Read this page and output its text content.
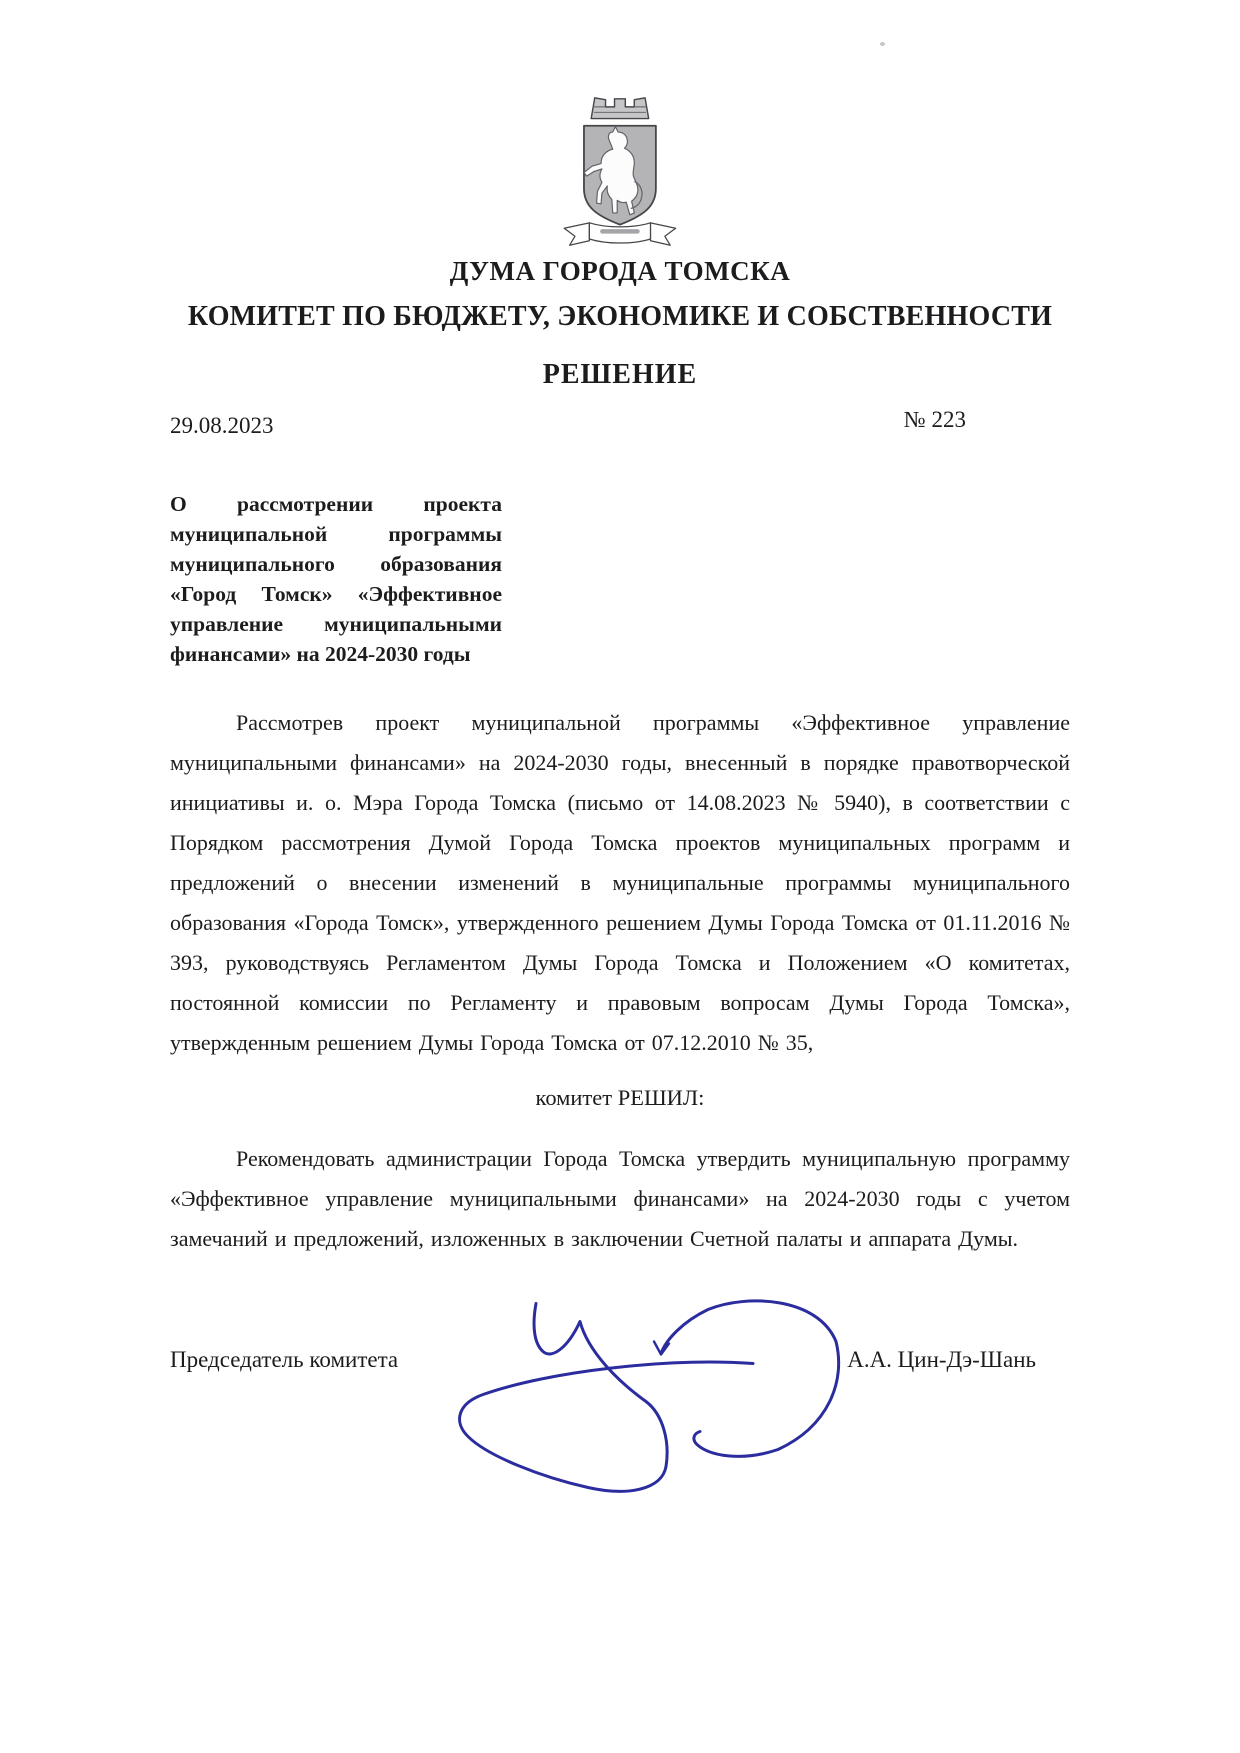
ДУМА ГОРОДА ТОМСКА
КОМИТЕТ ПО БЮДЖЕТУ, ЭКОНОМИКЕ И СОБСТВЕННОСТИ
РЕШЕНИЕ
29.08.2023	№ 223
О рассмотрении проекта муниципальной программы муниципального образования «Город Томск» «Эффективное управление муниципальными финансами» на 2024-2030 годы
Рассмотрев проект муниципальной программы «Эффективное управление муниципальными финансами» на 2024-2030 годы, внесенный в порядке правотворческой инициативы и. о. Мэра Города Томска (письмо от 14.08.2023 № 5940), в соответствии с Порядком рассмотрения Думой Города Томска проектов муниципальных программ и предложений о внесении изменений в муниципальные программы муниципального образования «Города Томск», утвержденного решением Думы Города Томска от 01.11.2016 № 393, руководствуясь Регламентом Думы Города Томска и Положением «О комитетах, постоянной комиссии по Регламенту и правовым вопросам Думы Города Томска», утвержденным решением Думы Города Томска от 07.12.2010 № 35,
комитет РЕШИЛ:
Рекомендовать администрации Города Томска утвердить муниципальную программу «Эффективное управление муниципальными финансами» на 2024-2030 годы с учетом замечаний и предложений, изложенных в заключении Счетной палаты и аппарата Думы.
Председатель комитета	А.А. Цин-Дэ-Шань
